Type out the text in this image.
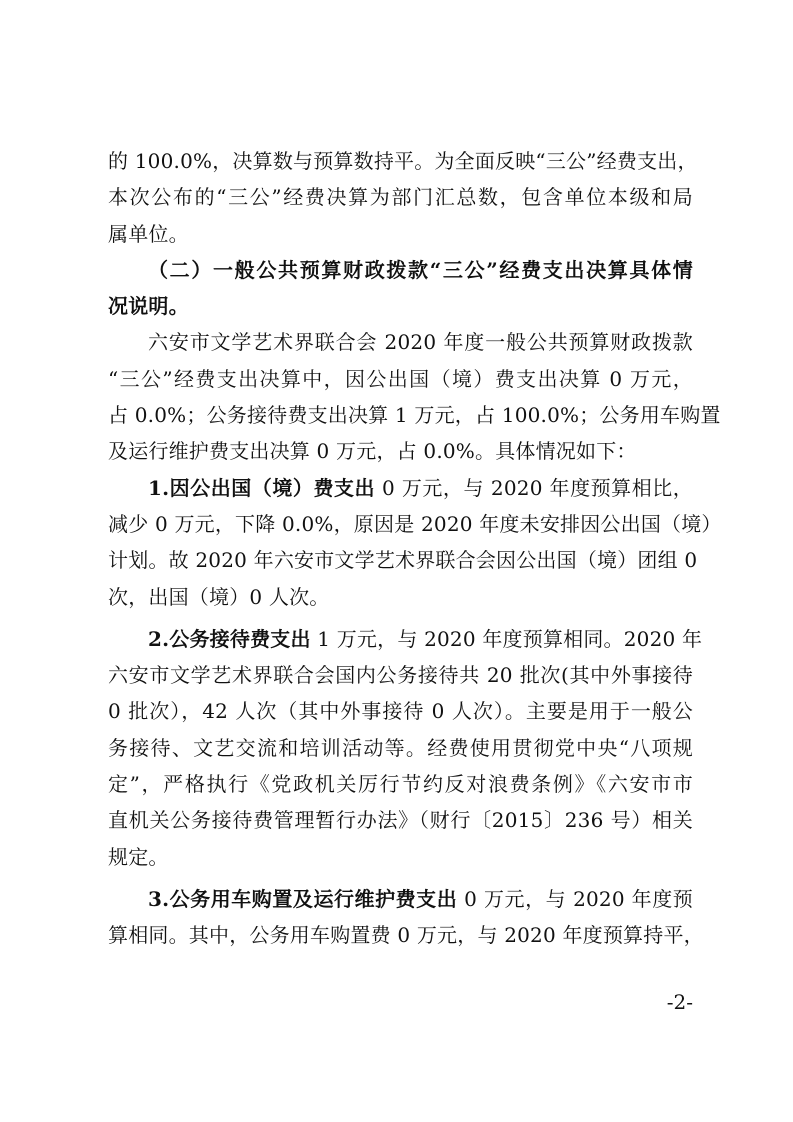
的 100.0%，决算数与预算数持平。为全面反映“三公”经费支出，
本次公布的“三公”经费决算为部门汇总数，包含单位本级和局
属单位。
（二）一般公共预算财政拨款“三公”经费支出决算具体情
况说明。
六安市文学艺术界联合会 2020 年度一般公共预算财政拨款
“三公”经费支出决算中，因公出国（境）费支出决算 0 万元，
占 0.0%；公务接待费支出决算 1 万元，占 100.0%；公务用车购置
及运行维护费支出决算 0 万元，占 0.0%。具体情况如下：
1.因公出国（境）费支出 0 万元，与 2020 年度预算相比，
减少 0 万元，下降 0.0%，原因是 2020 年度未安排因公出国（境）
计划。故 2020 年六安市文学艺术界联合会因公出国（境）团组 0
次，出国（境）0 人次。
2.公务接待费支出 1 万元，与 2020 年度预算相同。2020 年
六安市文学艺术界联合会国内公务接待共 20 批次(其中外事接待
0 批次），42 人次（其中外事接待 0 人次）。主要是用于一般公
务接待、文艺交流和培训活动等。经费使用贯彻党中央“八项规
定”，严格执行《党政机关厉行节约反对浪费条例》《六安市市
直机关公务接待费管理暂行办法》（财行〔2015〕236 号）相关
规定。
3.公务用车购置及运行维护费支出 0 万元，与 2020 年度预
算相同。其中，公务用车购置费 0 万元，与 2020 年度预算持平，
-2-
